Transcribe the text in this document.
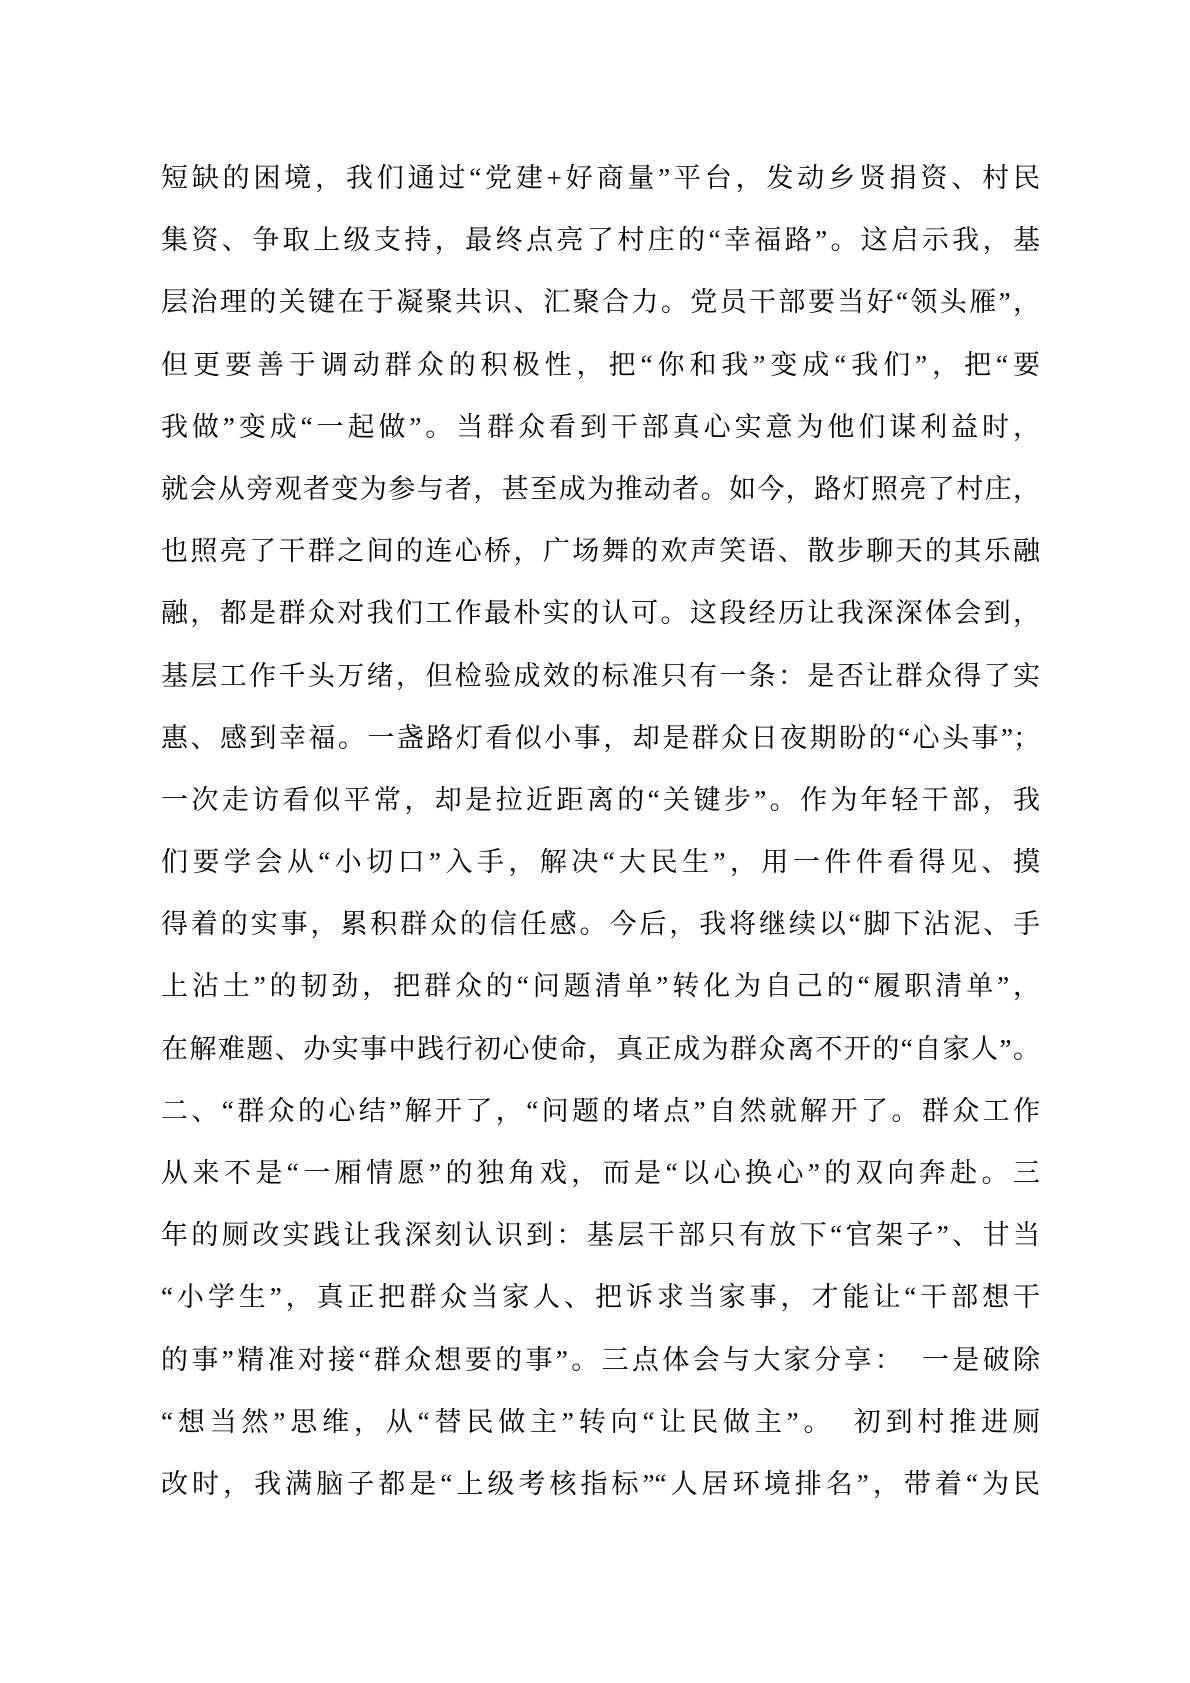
短缺的困境，我们通过“党建+好商量”平台，发动乡贤捐资、村民
集资、争取上级支持，最终点亮了村庄的“幸福路”。这启示我，基
层治理的关键在于凝聚共识、汇聚合力。党员干部要当好“领头雁”，
但更要善于调动群众的积极性，把“你和我”变成“我们”，把“要
我做”变成“一起做”。当群众看到干部真心实意为他们谋利益时，
就会从旁观者变为参与者，甚至成为推动者。如今，路灯照亮了村庄，
也照亮了干群之间的连心桥，广场舞的欢声笑语、散步聊天的其乐融
融，都是群众对我们工作最朴实的认可。这段经历让我深深体会到，
基层工作千头万绪，但检验成效的标准只有一条：是否让群众得了实
惠、感到幸福。一盏路灯看似小事，却是群众日夜期盼的“心头事”；
一次走访看似平常，却是拉近距离的“关键步”。作为年轻干部，我
们要学会从“小切口”入手，解决“大民生”，用一件件看得见、摸
得着的实事，累积群众的信任感。今后，我将继续以“脚下沾泥、手
上沾土”的韧劲，把群众的“问题清单”转化为自己的“履职清单”，
在解难题、办实事中践行初心使命，真正成为群众离不开的“自家人”。
二、“群众的心结”解开了，“问题的堵点”自然就解开了。群众工作
从来不是“一厢情愿”的独角戏，而是“以心换心”的双向奔赴。三
年的厕改实践让我深刻认识到：基层干部只有放下“官架子”、甘当
“小学生”，真正把群众当家人、把诉求当家事，才能让“干部想干
的事”精准对接“群众想要的事”。三点体会与大家分享：　一是破除
“想当然”思维，从“替民做主”转向“让民做主”。　初到村推进厕
改时，我满脑子都是“上级考核指标”“人居环境排名”，带着“为民
